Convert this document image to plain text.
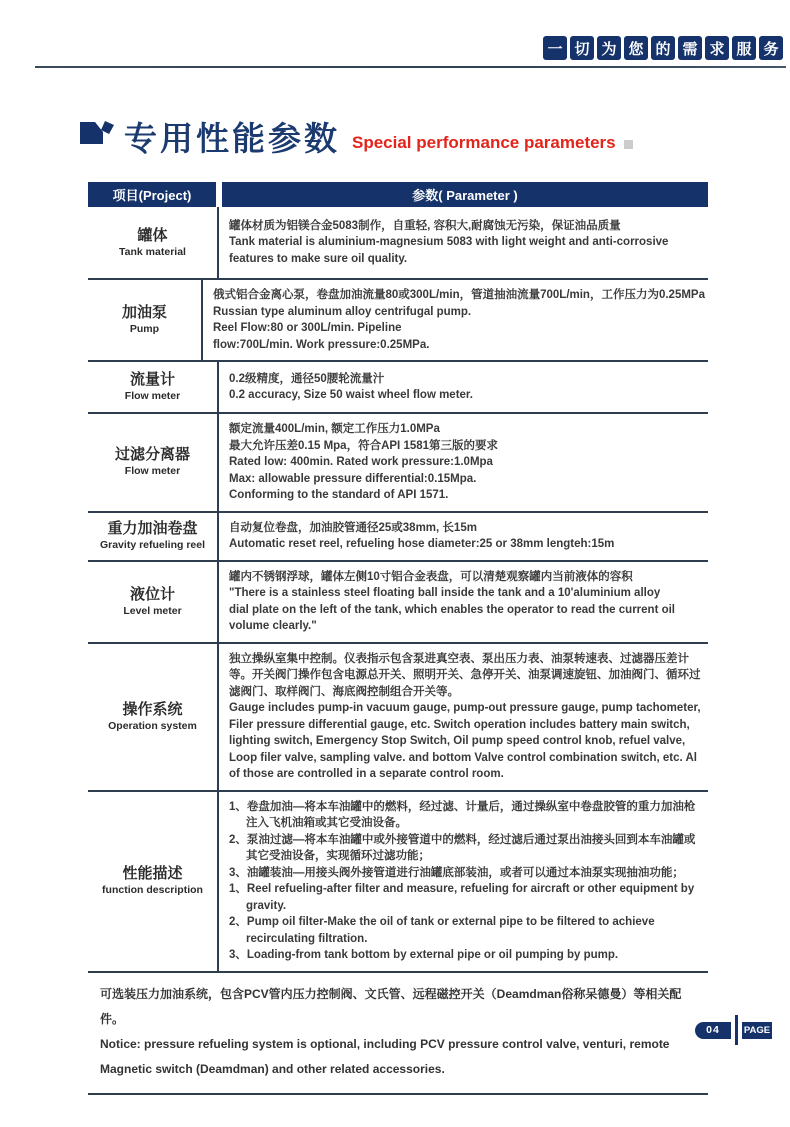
一 切 为 您 的 需 求 服 务
专用性能参数 Special performance parameters
项目(Project)	参数( Parameter )
罐体
Tank material
罐体材质为铝镁合金5083制作，自重轻, 容积大,耐腐蚀无污染，保证油品质量
Tank material is aluminium-magnesium 5083 with light weight and anti-corrosive
features to make sure oil quality.
加油泵
Pump
俄式铝合金离心泵，卷盘加油流量80或300L/min，管道抽油流量700L/min，工作压力为0.25MPa
Russian type aluminum alloy centrifugal pump.
Reel Flow:80 or 300L/min. Pipeline
flow:700L/min. Work pressure:0.25MPa.
流量计
Flow meter
0.2级精度，通径50腰轮流量汁
0.2 accuracy, Size 50 waist wheel flow meter.
过滤分离器
Flow meter
额定流量400L/min, 额定工作压力1.0MPa
最大允许压差0.15 Mpa，符合API 1581第三版的要求
Rated low: 400min. Rated work pressure:1.0Mpa
Max: allowable pressure differential:0.15Mpa.
Conforming to the standard of API 1571.
重力加油卷盘
Gravity refueling reel
自动复位卷盘，加油胶管通径25或38mm, 长15m
Automatic reset reel, refueling hose diameter:25 or 38mm lengteh:15m
液位计
Level meter
罐内不锈钢浮球，罐体左侧10寸铝合金表盘，可以清楚观察罐内当前液体的容积
"There is a stainless steel floating ball inside the tank and a 10'aluminium alloy
dial plate on the left of the tank, which enables the operator to read the current oil
volume clearly."
操作系统
Operation system
独立操纵室集中控制。仪表指示包含泵进真空表、泵出压力表、油泵转速表、过滤器压差计等。开关阀门操作包含电源总开关、照明开关、急停开关、油泵调速旋钮、加油阀门、循环过滤阀门、取样阀门、海底阀控制组合开关等。
Gauge includes pump-in vacuum gauge, pump-out pressure gauge, pump tachometer, Filer pressure differential gauge, etc. Switch operation includes battery main switch, lighting switch, Emergency Stop Switch, Oil pump speed control knob, refuel valve, Loop filer valve, sampling valve. and bottom Valve control combination switch, etc. Al of those are controlled in a separate control room.
性能描述
function description
1、卷盘加油—将本车油罐中的燃料，经过滤、计量后，通过操纵室中卷盘胶管的重力加油枪注入飞机油箱或其它受油设备。
2、泵油过滤—将本车油罐中或外接管道中的燃料，经过滤后通过泵出油接头回到本车油罐或其它受油设备，实现循环过滤功能；
3、油罐装油—用接头阀外接管道进行油罐底部装油，或者可以通过本油泵实现抽油功能；
1、Reel refueling-after filter and measure, refueling for aircraft or other equipment by gravity.
2、Pump oil filter-Make the oil of tank or external pipe to be filtered to achieve recirculating filtration.
3、Loading-from tank bottom by external pipe or oil pumping by pump.
可选装压力加油系统，包含PCV管内压力控制阀、文氏管、远程磁控开关（Deamdman俗称呆德曼）等相关配件。
Notice: pressure refueling system is optional, including PCV pressure control valve, venturi, remote Magnetic switch (Deamdman) and other related accessories.
04	PAGE
